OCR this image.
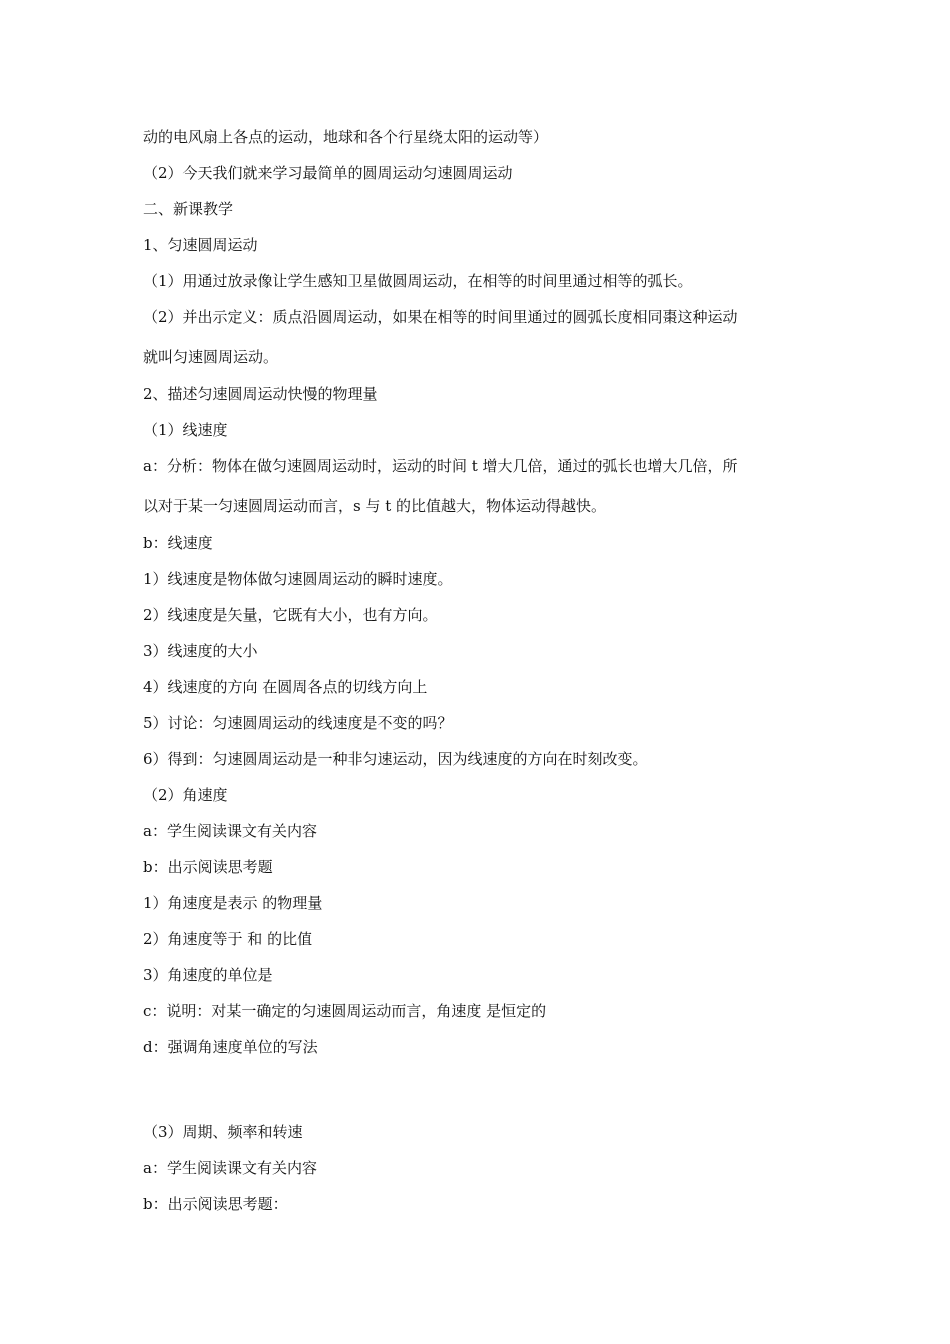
动的电风扇上各点的运动，地球和各个行星绕太阳的运动等）
（2）今天我们就来学习最简单的圆周运动匀速圆周运动
二、新课教学
1、匀速圆周运动
（1）用通过放录像让学生感知卫星做圆周运动，在相等的时间里通过相等的弧长。
（2）并出示定义：质点沿圆周运动，如果在相等的时间里通过的圆弧长度相同棗这种运动
就叫匀速圆周运动。
2、描述匀速圆周运动快慢的物理量
（1）线速度
a：分析：物体在做匀速圆周运动时，运动的时间 t 增大几倍，通过的弧长也增大几倍，所
以对于某一匀速圆周运动而言，s 与 t 的比值越大，物体运动得越快。
b：线速度
1）线速度是物体做匀速圆周运动的瞬时速度。
2）线速度是矢量，它既有大小，也有方向。
3）线速度的大小
4）线速度的方向 在圆周各点的切线方向上
5）讨论：匀速圆周运动的线速度是不变的吗？
6）得到：匀速圆周运动是一种非匀速运动，因为线速度的方向在时刻改变。
（2）角速度
a：学生阅读课文有关内容
b：出示阅读思考题
1）角速度是表示 的物理量
2）角速度等于 和 的比值
3）角速度的单位是
c：说明：对某一确定的匀速圆周运动而言，角速度 是恒定的
d：强调角速度单位的写法
（3）周期、频率和转速
a：学生阅读课文有关内容
b：出示阅读思考题：
